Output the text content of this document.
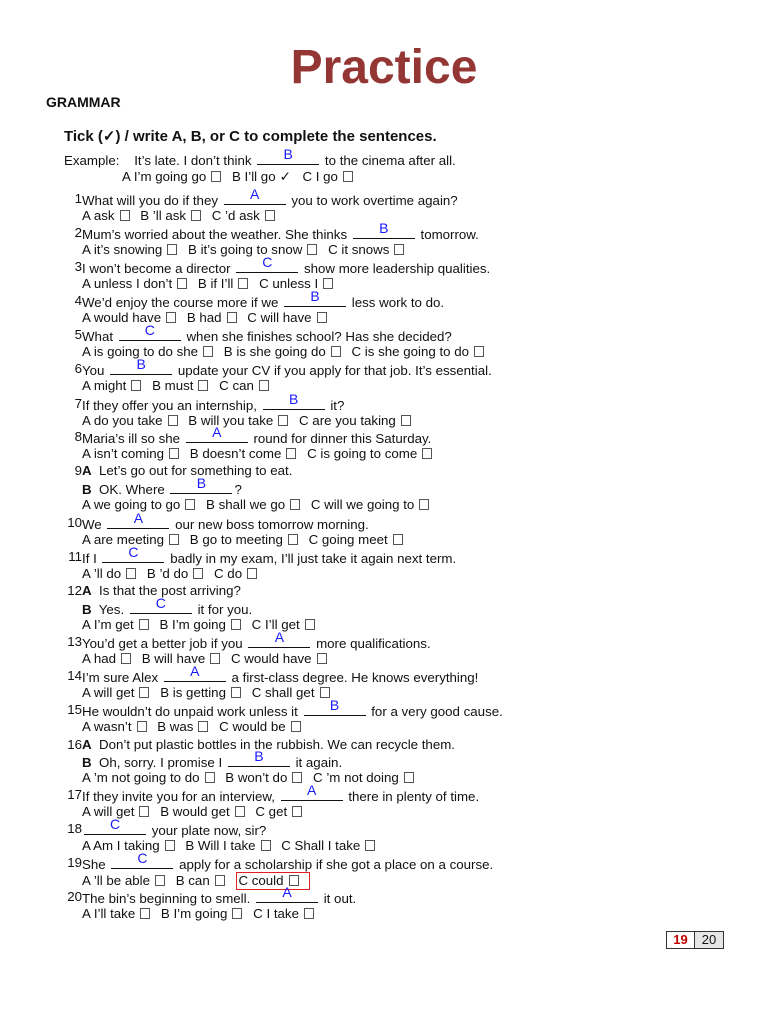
Practice
GRAMMAR
Tick (✓) / write A, B, or C to complete the sentences.
Example: It’s late. I don’t think	B	to the cinema after all.
A I’m going go B I’ll go ✓ C I go
1 What will you do if they	A	you to work overtime again?
A ask B ’ll ask C ’d ask
2 Mum’s worried about the weather. She thinks	B	tomorrow.
A it’s snowing B it’s going to snow C it snows
3 I won’t become a director	C	show more leadership qualities.
A unless I don’t B if I’ll C unless I
4 We’d enjoy the course more if we	B	less work to do.
A would have B had C will have
5 What	C	when she finishes school? Has she decided?
A is going to do she B is she going do C is she going to do
6 You	B	update your CV if you apply for that job. It’s essential.
A might B must C can
7 If they offer you an internship,	B	it?
A do you take B will you take C are you taking
8 Maria’s ill so she	A	round for dinner this Saturday.
A isn’t coming B doesn’t come C is going to come
9 A Let’s go out for something to eat.
B OK. Where	B	?
A we going to go B shall we go C will we going to
10 We	A	our new boss tomorrow morning.
A are meeting B go to meeting C going meet
11 If I	C	badly in my exam, I’ll just take it again next term.
A ’ll do B ’d do C do
12 A Is that the post arriving?
B Yes.	C	it for you.
A I’m get B I’m going C I’ll get
13 You’d get a better job if you	A	more qualifications.
A had B will have C would have
14 I’m sure Alex	A	a first-class degree. He knows everything!
A will get B is getting C shall get
15 He wouldn’t do unpaid work unless it	B	for a very good cause.
A wasn’t B was C would be
16 A Don’t put plastic bottles in the rubbish. We can recycle them.
B Oh, sorry. I promise I	B	it again.
A ’m not going to do B won’t do C ’m not doing
17 If they invite you for an interview,	A	there in plenty of time.
A will get B would get C get
18	C	your plate now, sir?
A Am I taking B Will I take C Shall I take
19 She	C	apply for a scholarship if she got a place on a course.
A ’ll be able B can C could
20 The bin’s beginning to smell.	A	it out.
A I’ll take B I’m going C I take
19	20
